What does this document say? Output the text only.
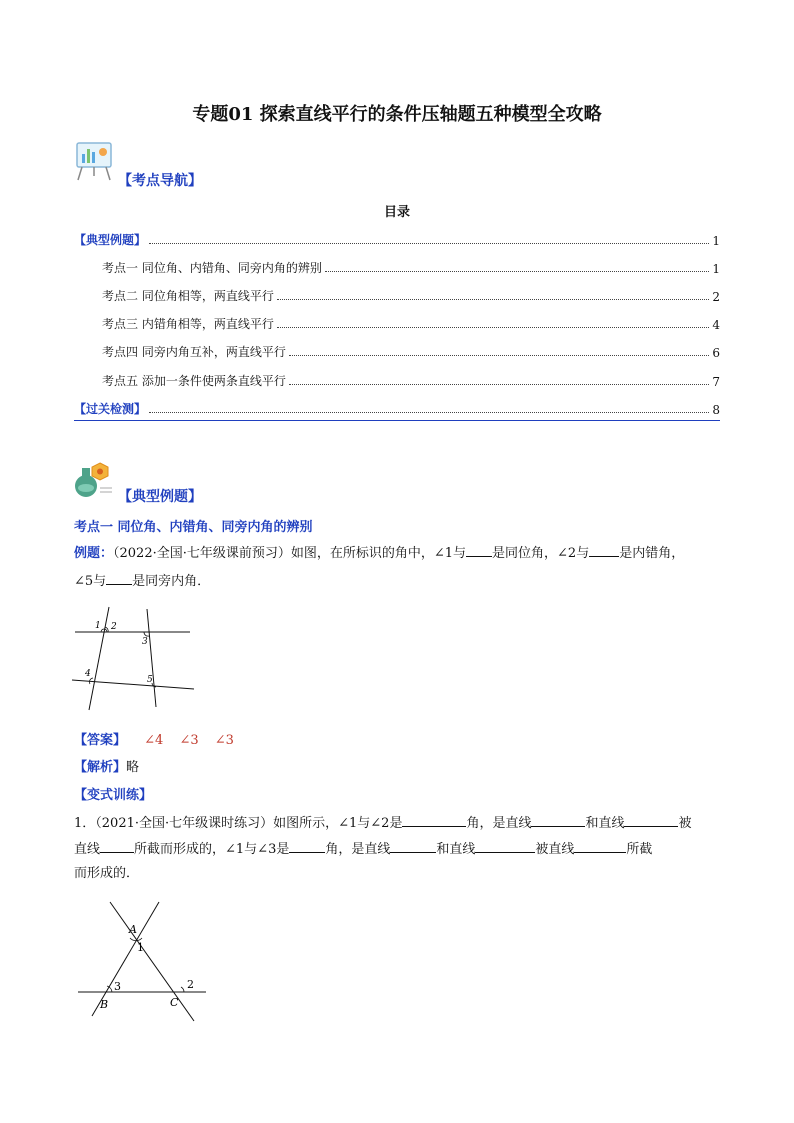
专题01 探索直线平行的条件压轴题五种模型全攻略
【考点导航】
目录
【典型例题】	1
考点一 同位角、内错角、同旁内角的辨别	1
考点二 同位角相等，两直线平行	2
考点三 内错角相等，两直线平行	4
考点四 同旁内角互补，两直线平行	6
考点五 添加一条件使两条直线平行	7
【过关检测】	8
【典型例题】
考点一 同位角、内错角、同旁内角的辨别
例题：（2022·全国·七年级课前预习）如图，在所标识的角中，∠1与 是同位角，∠2与 是内错角，
∠5与 是同旁内角．
1 2
3
4
5
【答案】 ∠4 ∠3 ∠3
【解析】略
【变式训练】
1．（2021·全国·七年级课时练习）如图所示，∠1与∠2是	角，是直线	和直线	被
直线	所截而形成的，∠1与∠3是	角，是直线	和直线	被直线	所截
而形成的．
A
1
2
3
B	C
